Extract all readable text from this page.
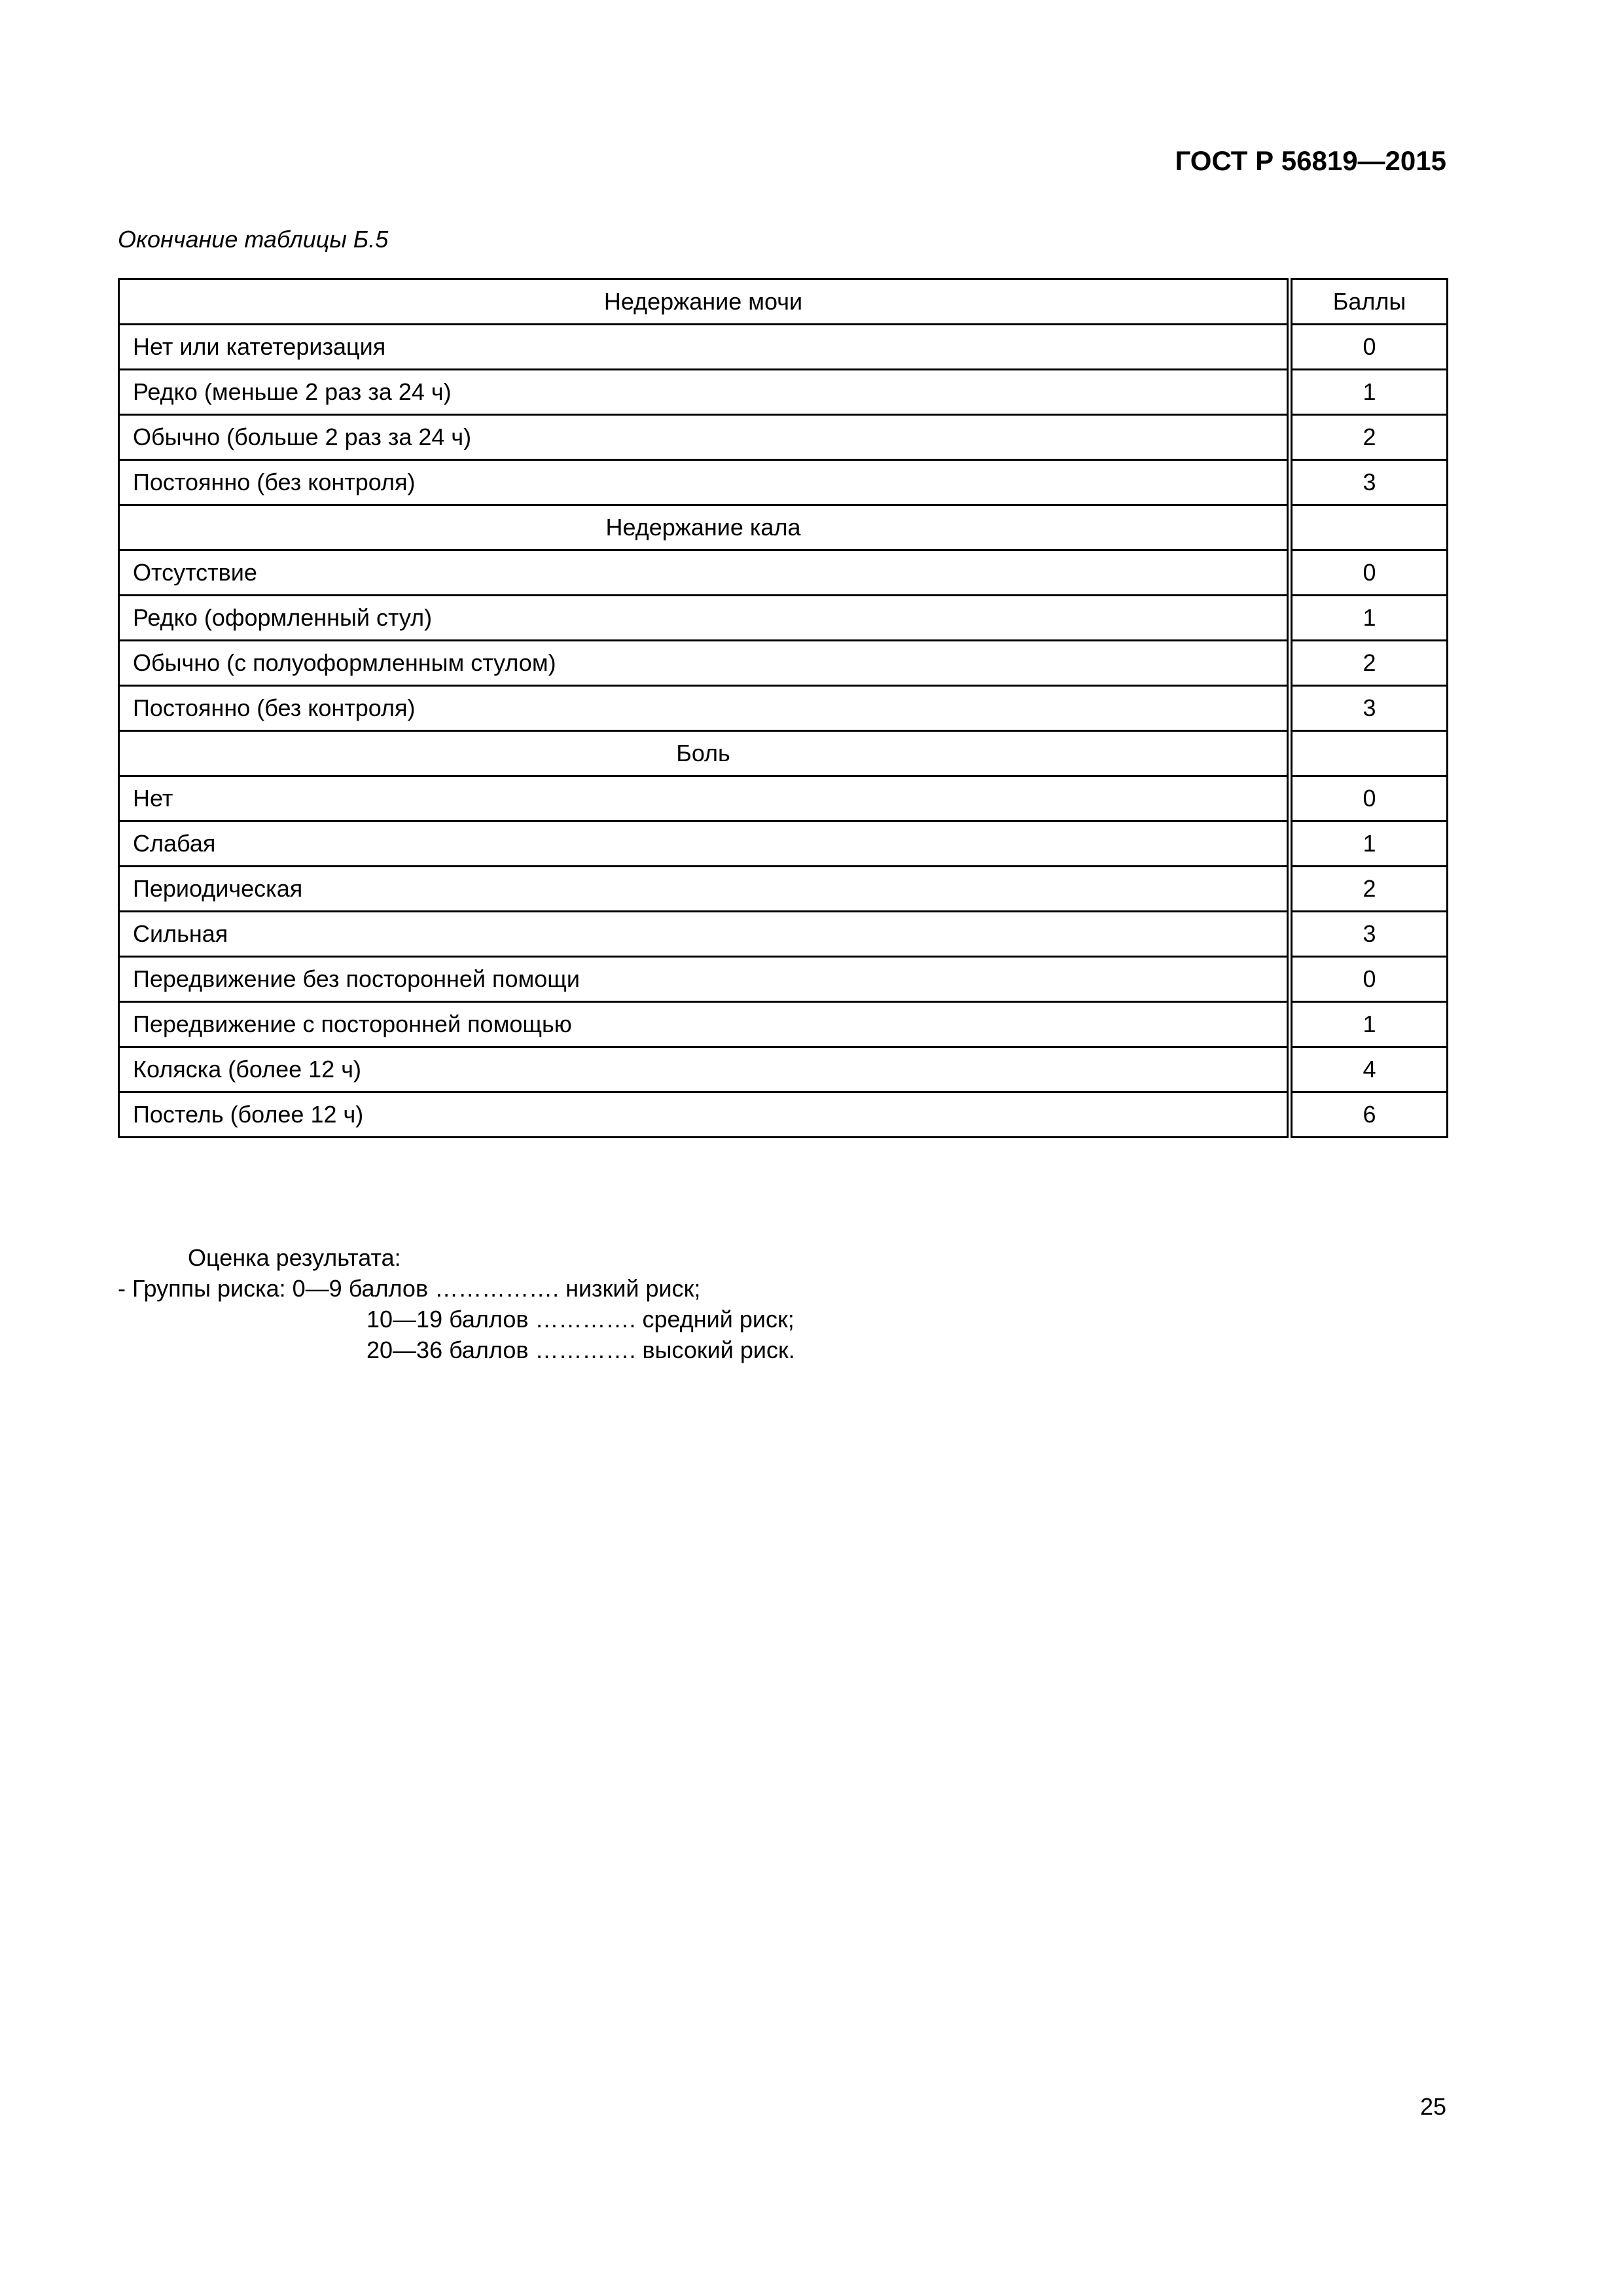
ГОСТ Р 56819—2015
Окончание таблицы Б.5
Недержание мочи	Баллы
Нет или катетеризация	0
Редко (меньше 2 раз за 24 ч)	1
Обычно (больше 2 раз за 24 ч)	2
Постоянно (без контроля)	3
Недержание кала	
Отсутствие	0
Редко (оформленный стул)	1
Обычно (с полуоформленным стулом)	2
Постоянно (без контроля)	3
Боль	
Нет	0
Слабая	1
Периодическая	2
Сильная	3
Передвижение без посторонней помощи	0
Передвижение с посторонней помощью	1
Коляска (более 12 ч)	4
Постель (более 12 ч)	6
Оценка результата:
- Группы риска: 0—9 баллов ……………. низкий риск;
10—19 баллов …………. средний риск;
20—36 баллов …………. высокий риск.
25
